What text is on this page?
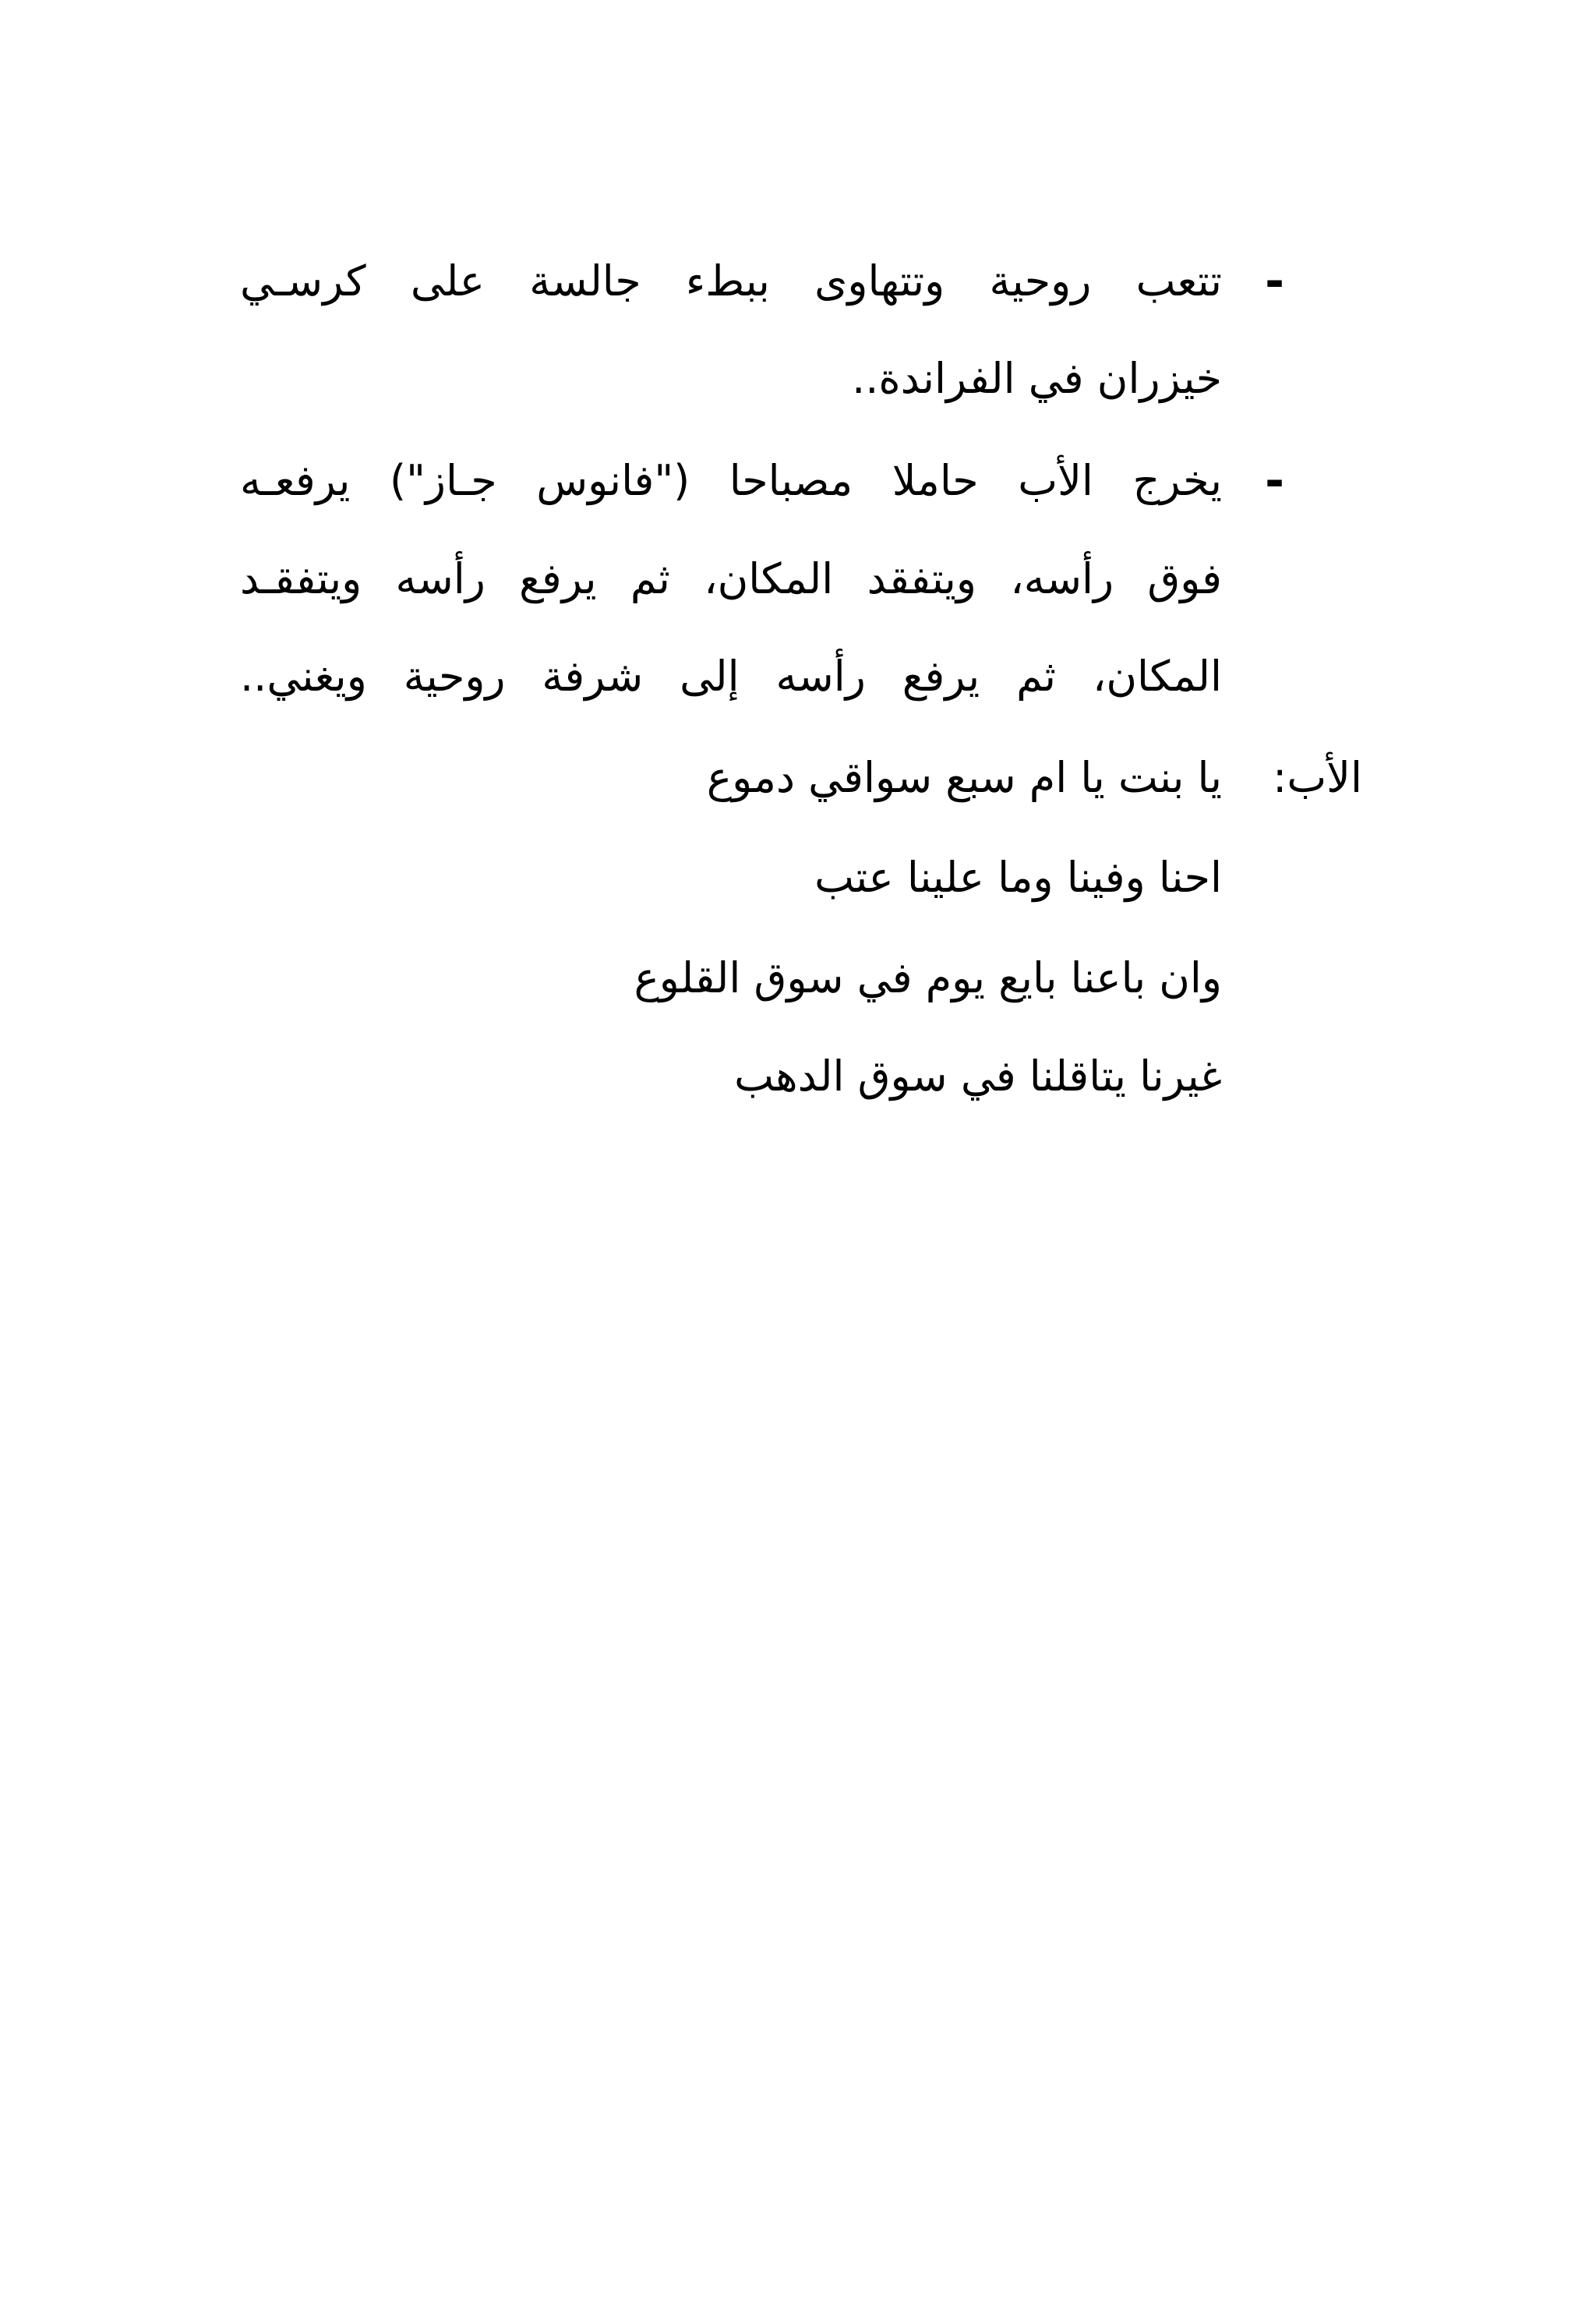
-
تتعب روحية وتتهاوى ببطء جالسة على كرسـي
خيزران في الفراندة..
-
يخرج الأب حاملا مصباحا ("فانوس جـاز") يرفعـه
فوق رأسه، ويتفقد المكان، ثم يرفع رأسه ويتفقـد
المكان، ثم يرفع رأسه إلى شرفة روحية ويغني..
الأب:
يا بنت يا ام سبع سواقي دموع
احنا وفينا وما علينا عتب
وان باعنا بايع يوم في سوق القلوع
غيرنا يتاقلنا في سوق الدهب
